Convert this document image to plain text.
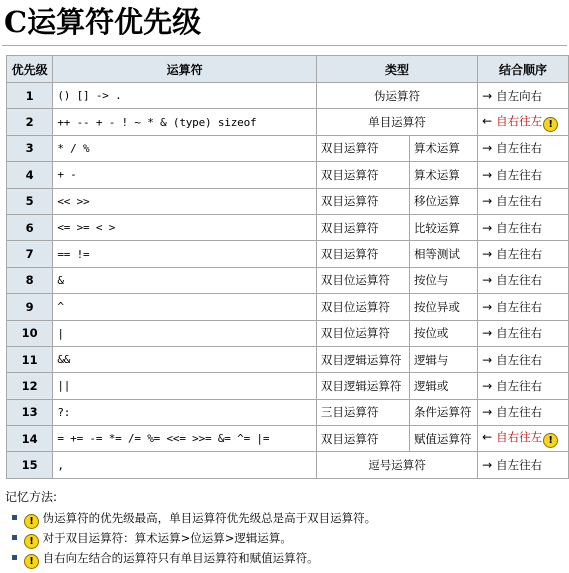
C运算符优先级
优先级	运算符	类型		结合顺序
1	() [] -> .	伪运算符		→ 自左向右
2	++ -- + - ! ~ * & (type) sizeof	单目运算符		← 自右往左 !
3	* / %	双目运算符	算术运算	→ 自左往右
4	+ -	双目运算符	算术运算	→ 自左往右
5	<< >>	双目运算符	移位运算	→ 自左往右
6	<= >= < >	双目运算符	比较运算	→ 自左往右
7	== !=	双目运算符	相等测试	→ 自左往右
8	&	双目位运算符	按位与	→ 自左往右
9	^	双目位运算符	按位异或	→ 自左往右
10	|	双目位运算符	按位或	→ 自左往右
11	&&	双目逻辑运算符	逻辑与	→ 自左往右
12	||	双目逻辑运算符	逻辑或	→ 自左往右
13	?:	三目运算符	条件运算符	→ 自左往右
14	= += -= *= /= %= <<= >>= &= ^= |=	双目运算符	赋值运算符	← 自右往左 !
15	,	逗号运算符		→ 自左往右
记忆方法:
! 伪运算符的优先级最高，单目运算符优先级总是高于双目运算符。
! 对于双目运算符：算术运算>位运算>逻辑运算。
! 自右向左结合的运算符只有单目运算符和赋值运算符。
